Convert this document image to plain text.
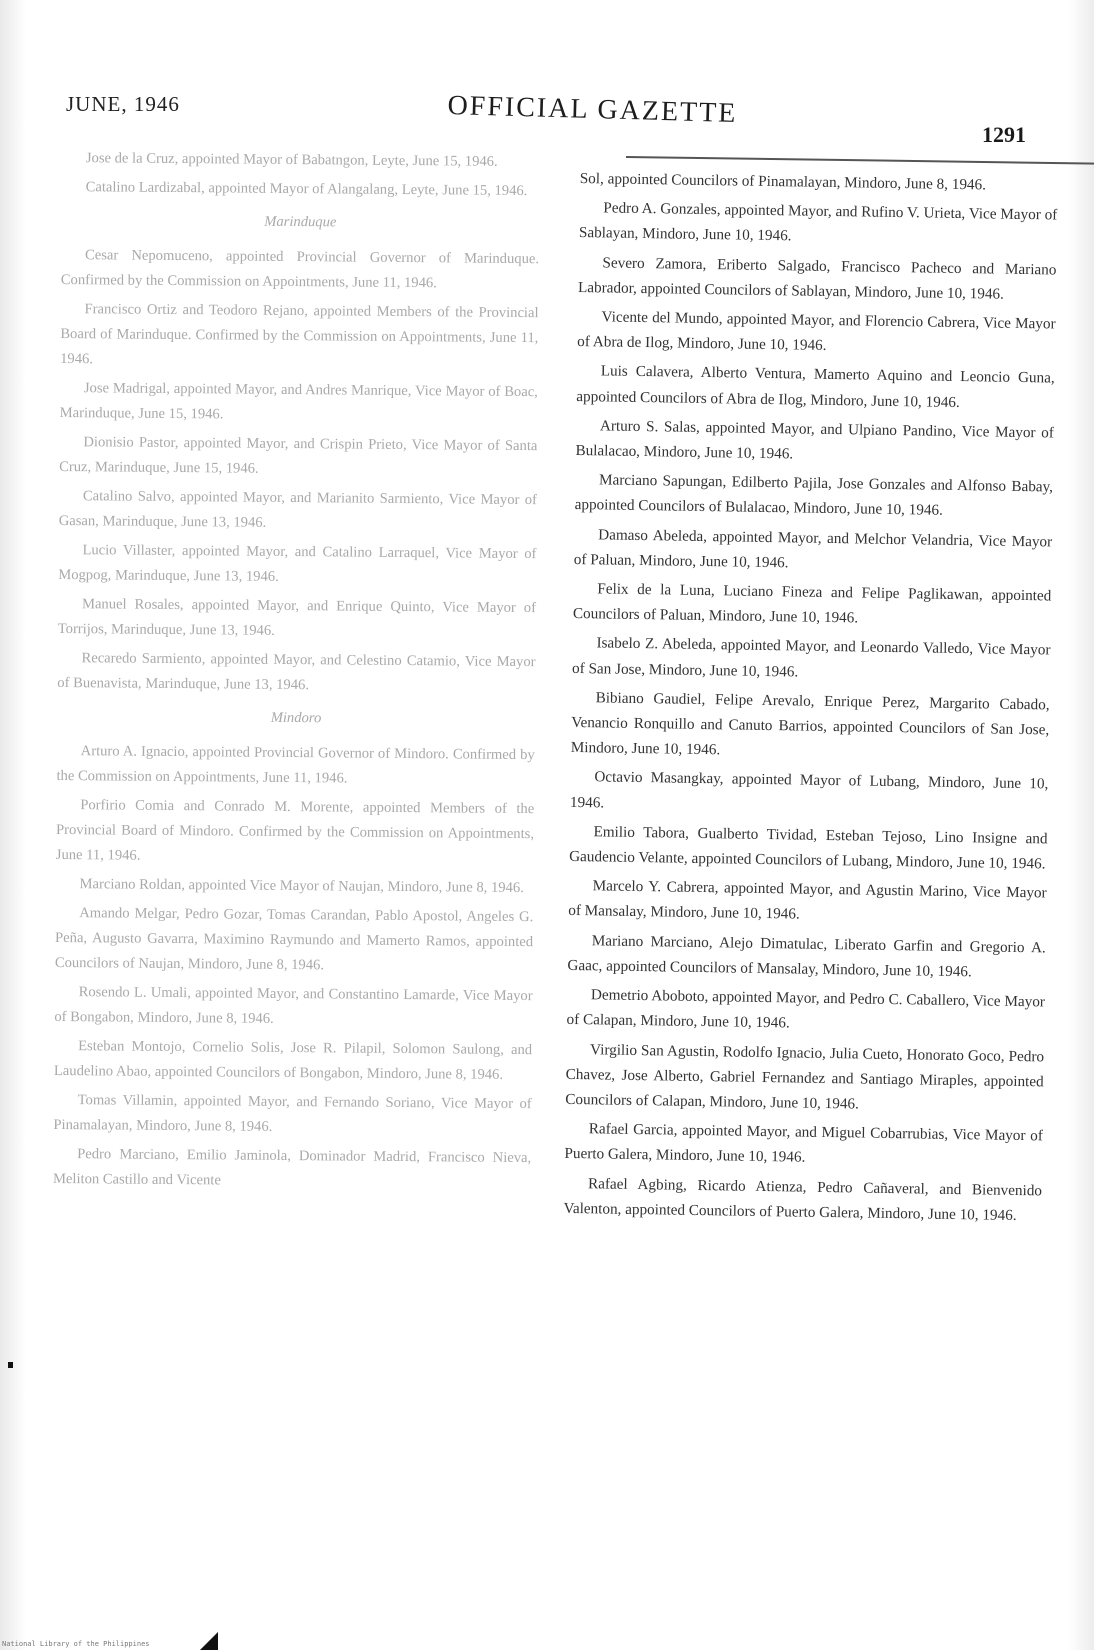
JUNE, 1946	OFFICIAL GAZETTE
1291

Jose de la Cruz, appointed Mayor of Babatngon, Leyte, June 15, 1946.

Catalino Lardizabal, appointed Mayor of Alangalang, Leyte, June 15, 1946.

Marinduque

Cesar Nepomuceno, appointed Provincial Governor of Marinduque. Confirmed by the Commission on Appointments, June 11, 1946.

Francisco Ortiz and Teodoro Rejano, appointed Members of the Provincial Board of Marinduque. Confirmed by the Commission on Appointments, June 11, 1946.

Jose Madrigal, appointed Mayor, and Andres Manrique, Vice Mayor of Boac, Marinduque, June 15, 1946.

Dionisio Pastor, appointed Mayor, and Crispin Prieto, Vice Mayor of Santa Cruz, Marinduque, June 15, 1946.

Catalino Salvo, appointed Mayor, and Marianito Sarmiento, Vice Mayor of Gasan, Marinduque, June 13, 1946.

Lucio Villaster, appointed Mayor, and Catalino Larraquel, Vice Mayor of Mogpog, Marinduque, June 13, 1946.

Manuel Rosales, appointed Mayor, and Enrique Quinto, Vice Mayor of Torrijos, Marinduque, June 13, 1946.

Recaredo Sarmiento, appointed Mayor, and Celestino Catamio, Vice Mayor of Buenavista, Marinduque, June 13, 1946.

Mindoro

Arturo A. Ignacio, appointed Provincial Governor of Mindoro. Confirmed by the Commission on Appointments, June 11, 1946.

Porfirio Comia and Conrado M. Morente, appointed Members of the Provincial Board of Mindoro. Confirmed by the Commission on Appointments, June 11, 1946.

Marciano Roldan, appointed Vice Mayor of Naujan, Mindoro, June 8, 1946.

Amando Melgar, Pedro Gozar, Tomas Carandan, Pablo Apostol, Angeles G. Peña, Augusto Gavarra, Maximino Raymundo and Mamerto Ramos, appointed Councilors of Naujan, Mindoro, June 8, 1946.

Rosendo L. Umali, appointed Mayor, and Constantino Lamarde, Vice Mayor of Bongabon, Mindoro, June 8, 1946.

Esteban Montojo, Cornelio Solis, Jose R. Pilapil, Solomon Saulong, and Laudelino Abao, appointed Councilors of Bongabon, Mindoro, June 8, 1946.

Tomas Villamin, appointed Mayor, and Fernando Soriano, Vice Mayor of Pinamalayan, Mindoro, June 8, 1946.

Pedro Marciano, Emilio Jaminola, Dominador Madrid, Francisco Nieva, Meliton Castillo and Vicente

Sol, appointed Councilors of Pinamalayan, Mindoro, June 8, 1946.

Pedro A. Gonzales, appointed Mayor, and Rufino V. Urieta, Vice Mayor of Sablayan, Mindoro, June 10, 1946.

Severo Zamora, Eriberto Salgado, Francisco Pacheco and Mariano Labrador, appointed Councilors of Sablayan, Mindoro, June 10, 1946.

Vicente del Mundo, appointed Mayor, and Florencio Cabrera, Vice Mayor of Abra de Ilog, Mindoro, June 10, 1946.

Luis Calavera, Alberto Ventura, Mamerto Aquino and Leoncio Guna, appointed Councilors of Abra de Ilog, Mindoro, June 10, 1946.

Arturo S. Salas, appointed Mayor, and Ulpiano Pandino, Vice Mayor of Bulalacao, Mindoro, June 10, 1946.

Marciano Sapungan, Edilberto Pajila, Jose Gonzales and Alfonso Babay, appointed Councilors of Bulalacao, Mindoro, June 10, 1946.

Damaso Abeleda, appointed Mayor, and Melchor Velandria, Vice Mayor of Paluan, Mindoro, June 10, 1946.

Felix de la Luna, Luciano Fineza and Felipe Paglikawan, appointed Councilors of Paluan, Mindoro, June 10, 1946.

Isabelo Z. Abeleda, appointed Mayor, and Leonardo Valledo, Vice Mayor of San Jose, Mindoro, June 10, 1946.

Bibiano Gaudiel, Felipe Arevalo, Enrique Perez, Margarito Cabado, Venancio Ronquillo and Canuto Barrios, appointed Councilors of San Jose, Mindoro, June 10, 1946.

Octavio Masangkay, appointed Mayor of Lubang, Mindoro, June 10, 1946.

Emilio Tabora, Gualberto Tividad, Esteban Tejoso, Lino Insigne and Gaudencio Velante, appointed Councilors of Lubang, Mindoro, June 10, 1946.

Marcelo Y. Cabrera, appointed Mayor, and Agustin Marino, Vice Mayor of Mansalay, Mindoro, June 10, 1946.

Mariano Marciano, Alejo Dimatulac, Liberato Garfin and Gregorio A. Gaac, appointed Councilors of Mansalay, Mindoro, June 10, 1946.

Demetrio Aboboto, appointed Mayor, and Pedro C. Caballero, Vice Mayor of Calapan, Mindoro, June 10, 1946.

Virgilio San Agustin, Rodolfo Ignacio, Julia Cueto, Honorato Goco, Pedro Chavez, Jose Alberto, Gabriel Fernandez and Santiago Miraples, appointed Councilors of Calapan, Mindoro, June 10, 1946.

Rafael Garcia, appointed Mayor, and Miguel Cobarrubias, Vice Mayor of Puerto Galera, Mindoro, June 10, 1946.

Rafael Agbing, Ricardo Atienza, Pedro Cañaveral, and Bienvenido Valenton, appointed Councilors of Puerto Galera, Mindoro, June 10, 1946.

National Library of the Philippines
